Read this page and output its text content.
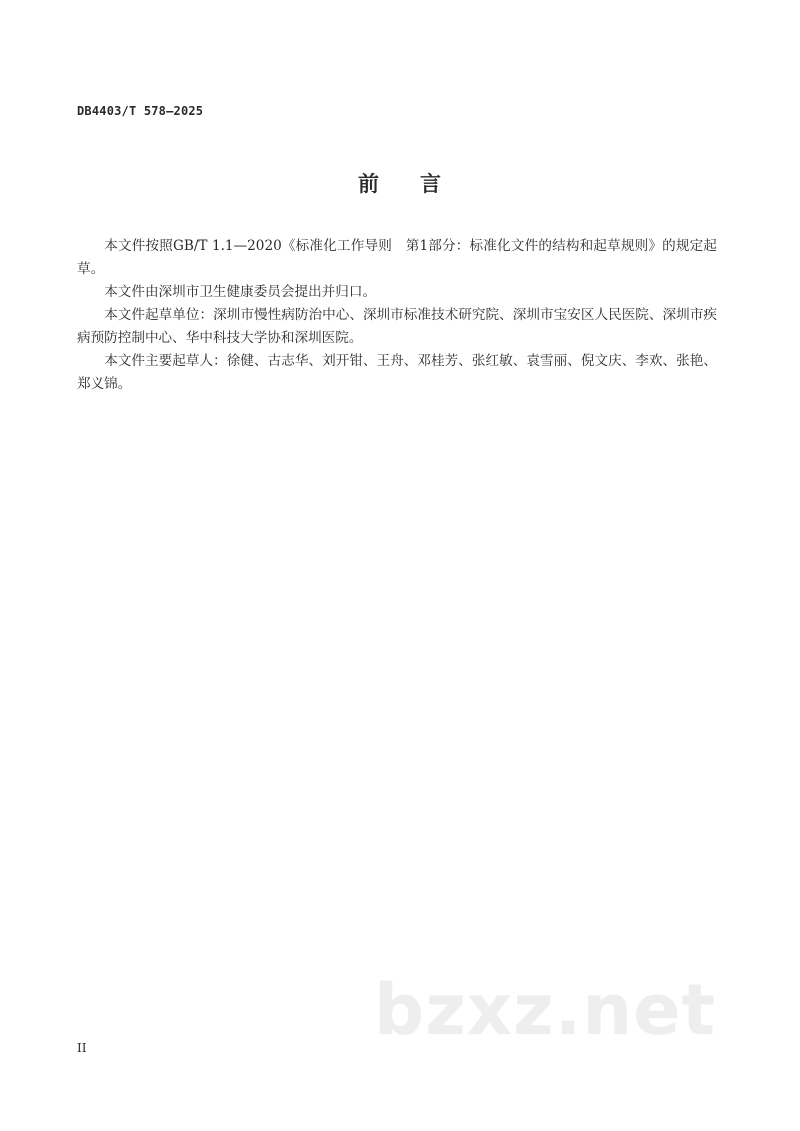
DB4403/T 578—2025
前 言

本文件按照GB/T 1.1—2020《标准化工作导则　第1部分：标准化文件的结构和起草规则》的规定起草。

本文件由深圳市卫生健康委员会提出并归口。

本文件起草单位：深圳市慢性病防治中心、深圳市标准技术研究院、深圳市宝安区人民医院、深圳市疾病预防控制中心、华中科技大学协和深圳医院。

本文件主要起草人：徐健、古志华、刘开钳、王舟、邓桂芳、张红敏、袁雪丽、倪文庆、李欢、张艳、郑义锦。

bzxz.net
II
